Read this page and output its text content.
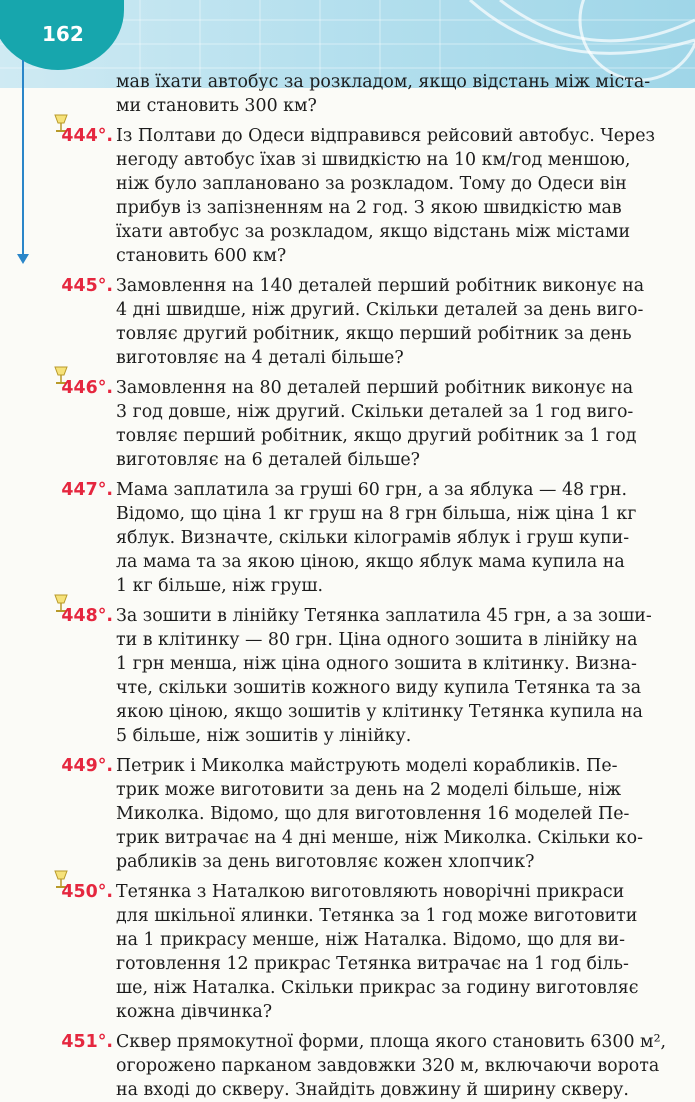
162
мав їхати автобус за розкладом, якщо відстань між міста-
ми становить 300 км?
444°. Із Полтави до Одеси відправився рейсовий автобус. Через
негоду автобус їхав зі швидкістю на 10 км/год меншою,
ніж було заплановано за розкладом. Тому до Одеси він
прибув із запізненням на 2 год. З якою швидкістю мав
їхати автобус за розкладом, якщо відстань між містами
становить 600 км?
445°. Замовлення на 140 деталей перший робітник виконує на
4 дні швидше, ніж другий. Скільки деталей за день виго-
товляє другий робітник, якщо перший робітник за день
виготовляє на 4 деталі більше?
446°. Замовлення на 80 деталей перший робітник виконує на
3 год довше, ніж другий. Скільки деталей за 1 год виго-
товляє перший робітник, якщо другий робітник за 1 год
виготовляє на 6 деталей більше?
447°. Мама заплатила за груші 60 грн, а за яблука — 48 грн.
Відомо, що ціна 1 кг груш на 8 грн більша, ніж ціна 1 кг
яблук. Визначте, скільки кілограмів яблук і груш купи-
ла мама та за якою ціною, якщо яблук мама купила на
1 кг більше, ніж груш.
448°. За зошити в лінійку Тетянка заплатила 45 грн, а за зоши-
ти в клітинку — 80 грн. Ціна одного зошита в лінійку на
1 грн менша, ніж ціна одного зошита в клітинку. Визна-
чте, скільки зошитів кожного виду купила Тетянка та за
якою ціною, якщо зошитів у клітинку Тетянка купила на
5 більше, ніж зошитів у лінійку.
449°. Петрик і Миколка майструють моделі корабликів. Пе-
трик може виготовити за день на 2 моделі більше, ніж
Миколка. Відомо, що для виготовлення 16 моделей Пе-
трик витрачає на 4 дні менше, ніж Миколка. Скільки ко-
рабликів за день виготовляє кожен хлопчик?
450°. Тетянка з Наталкою виготовляють новорічні прикраси
для шкільної ялинки. Тетянка за 1 год може виготовити
на 1 прикрасу менше, ніж Наталка. Відомо, що для ви-
готовлення 12 прикрас Тетянка витрачає на 1 год біль-
ше, ніж Наталка. Скільки прикрас за годину виготовляє
кожна дівчинка?
451°. Сквер прямокутної форми, площа якого становить 6300 м²,
огорожено парканом завдовжки 320 м, включаючи ворота
на вході до скверу. Знайдіть довжину й ширину скверу.
